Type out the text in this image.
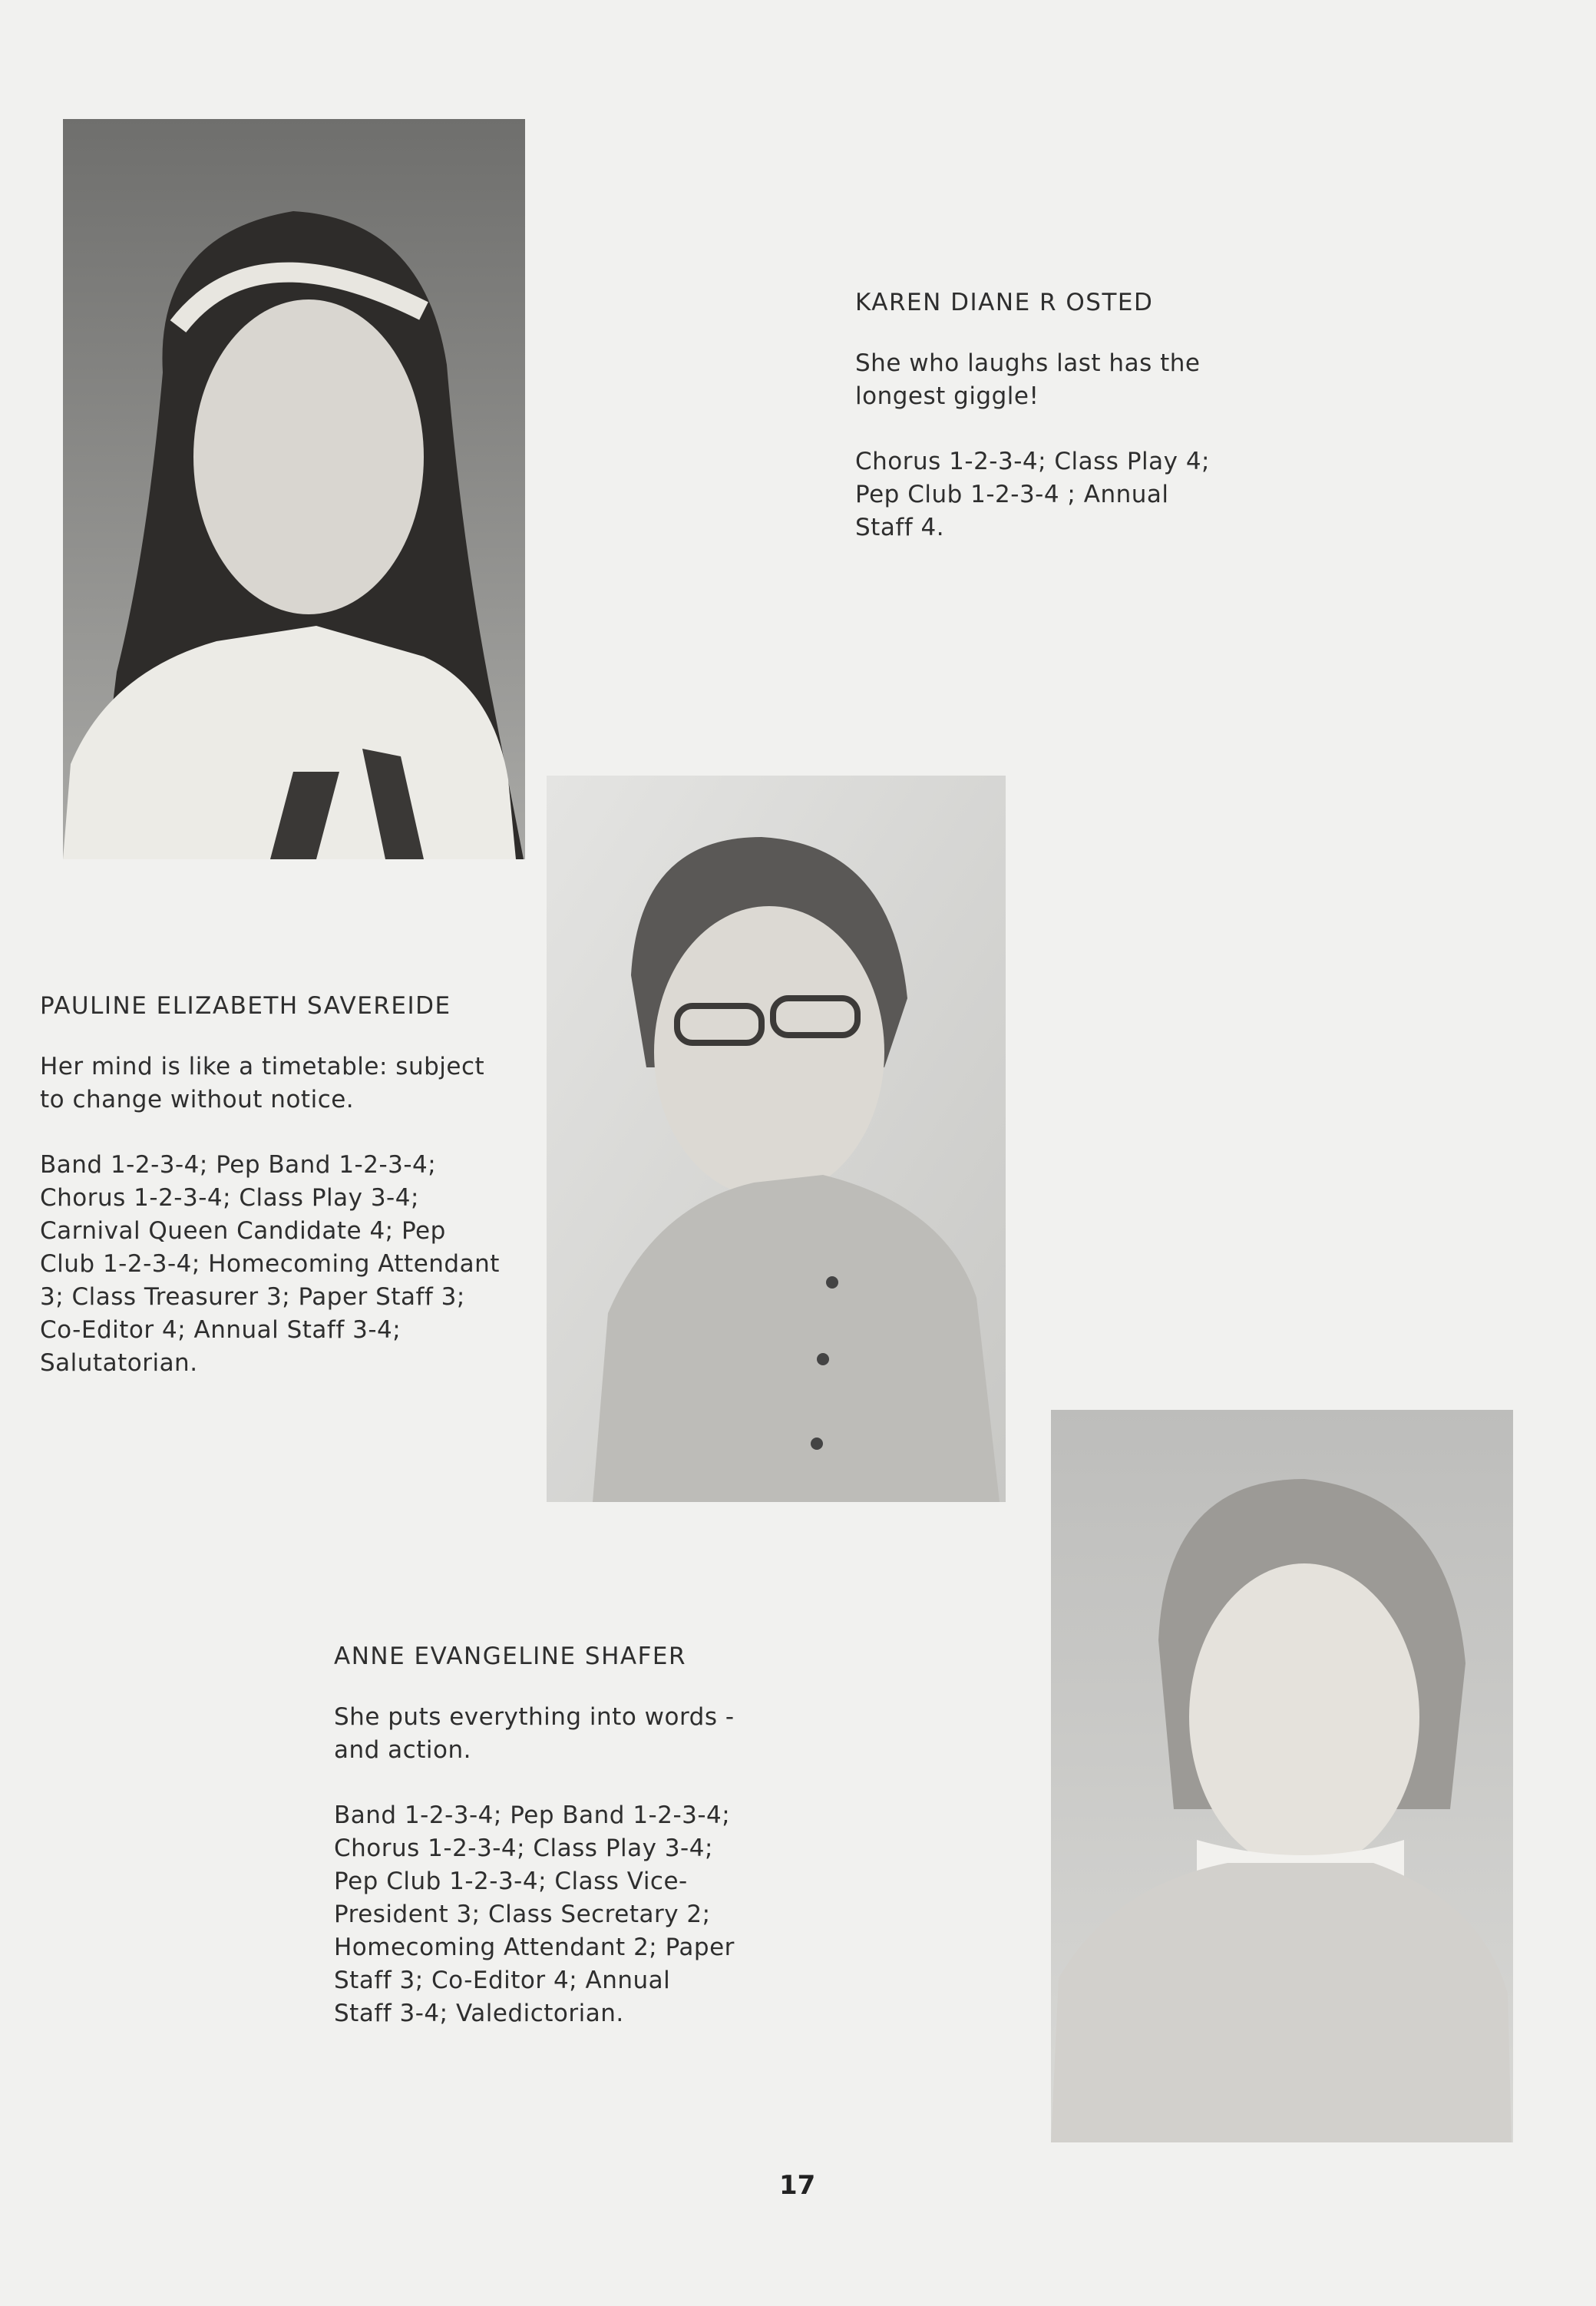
KAREN DIANE R OSTED

She who laughs last has the
longest giggle!

Chorus 1-2-3-4; Class Play 4;
Pep Club 1-2-3-4 ; Annual
Staff 4.

PAULINE ELIZABETH SAVEREIDE

Her mind is like a timetable: subject
to change without notice.

Band 1-2-3-4; Pep Band 1-2-3-4;
Chorus 1-2-3-4; Class Play 3-4;
Carnival Queen Candidate 4; Pep
Club 1-2-3-4; Homecoming Attendant
3; Class Treasurer 3; Paper Staff 3;
Co-Editor 4; Annual Staff 3-4;
Salutatorian.

ANNE EVANGELINE SHAFER

She puts everything into words -
and action.

Band 1-2-3-4; Pep Band 1-2-3-4;
Chorus 1-2-3-4; Class Play 3-4;
Pep Club 1-2-3-4; Class Vice-
President 3; Class Secretary 2;
Homecoming Attendant 2; Paper
Staff 3; Co-Editor 4; Annual
Staff 3-4; Valedictorian.

17
